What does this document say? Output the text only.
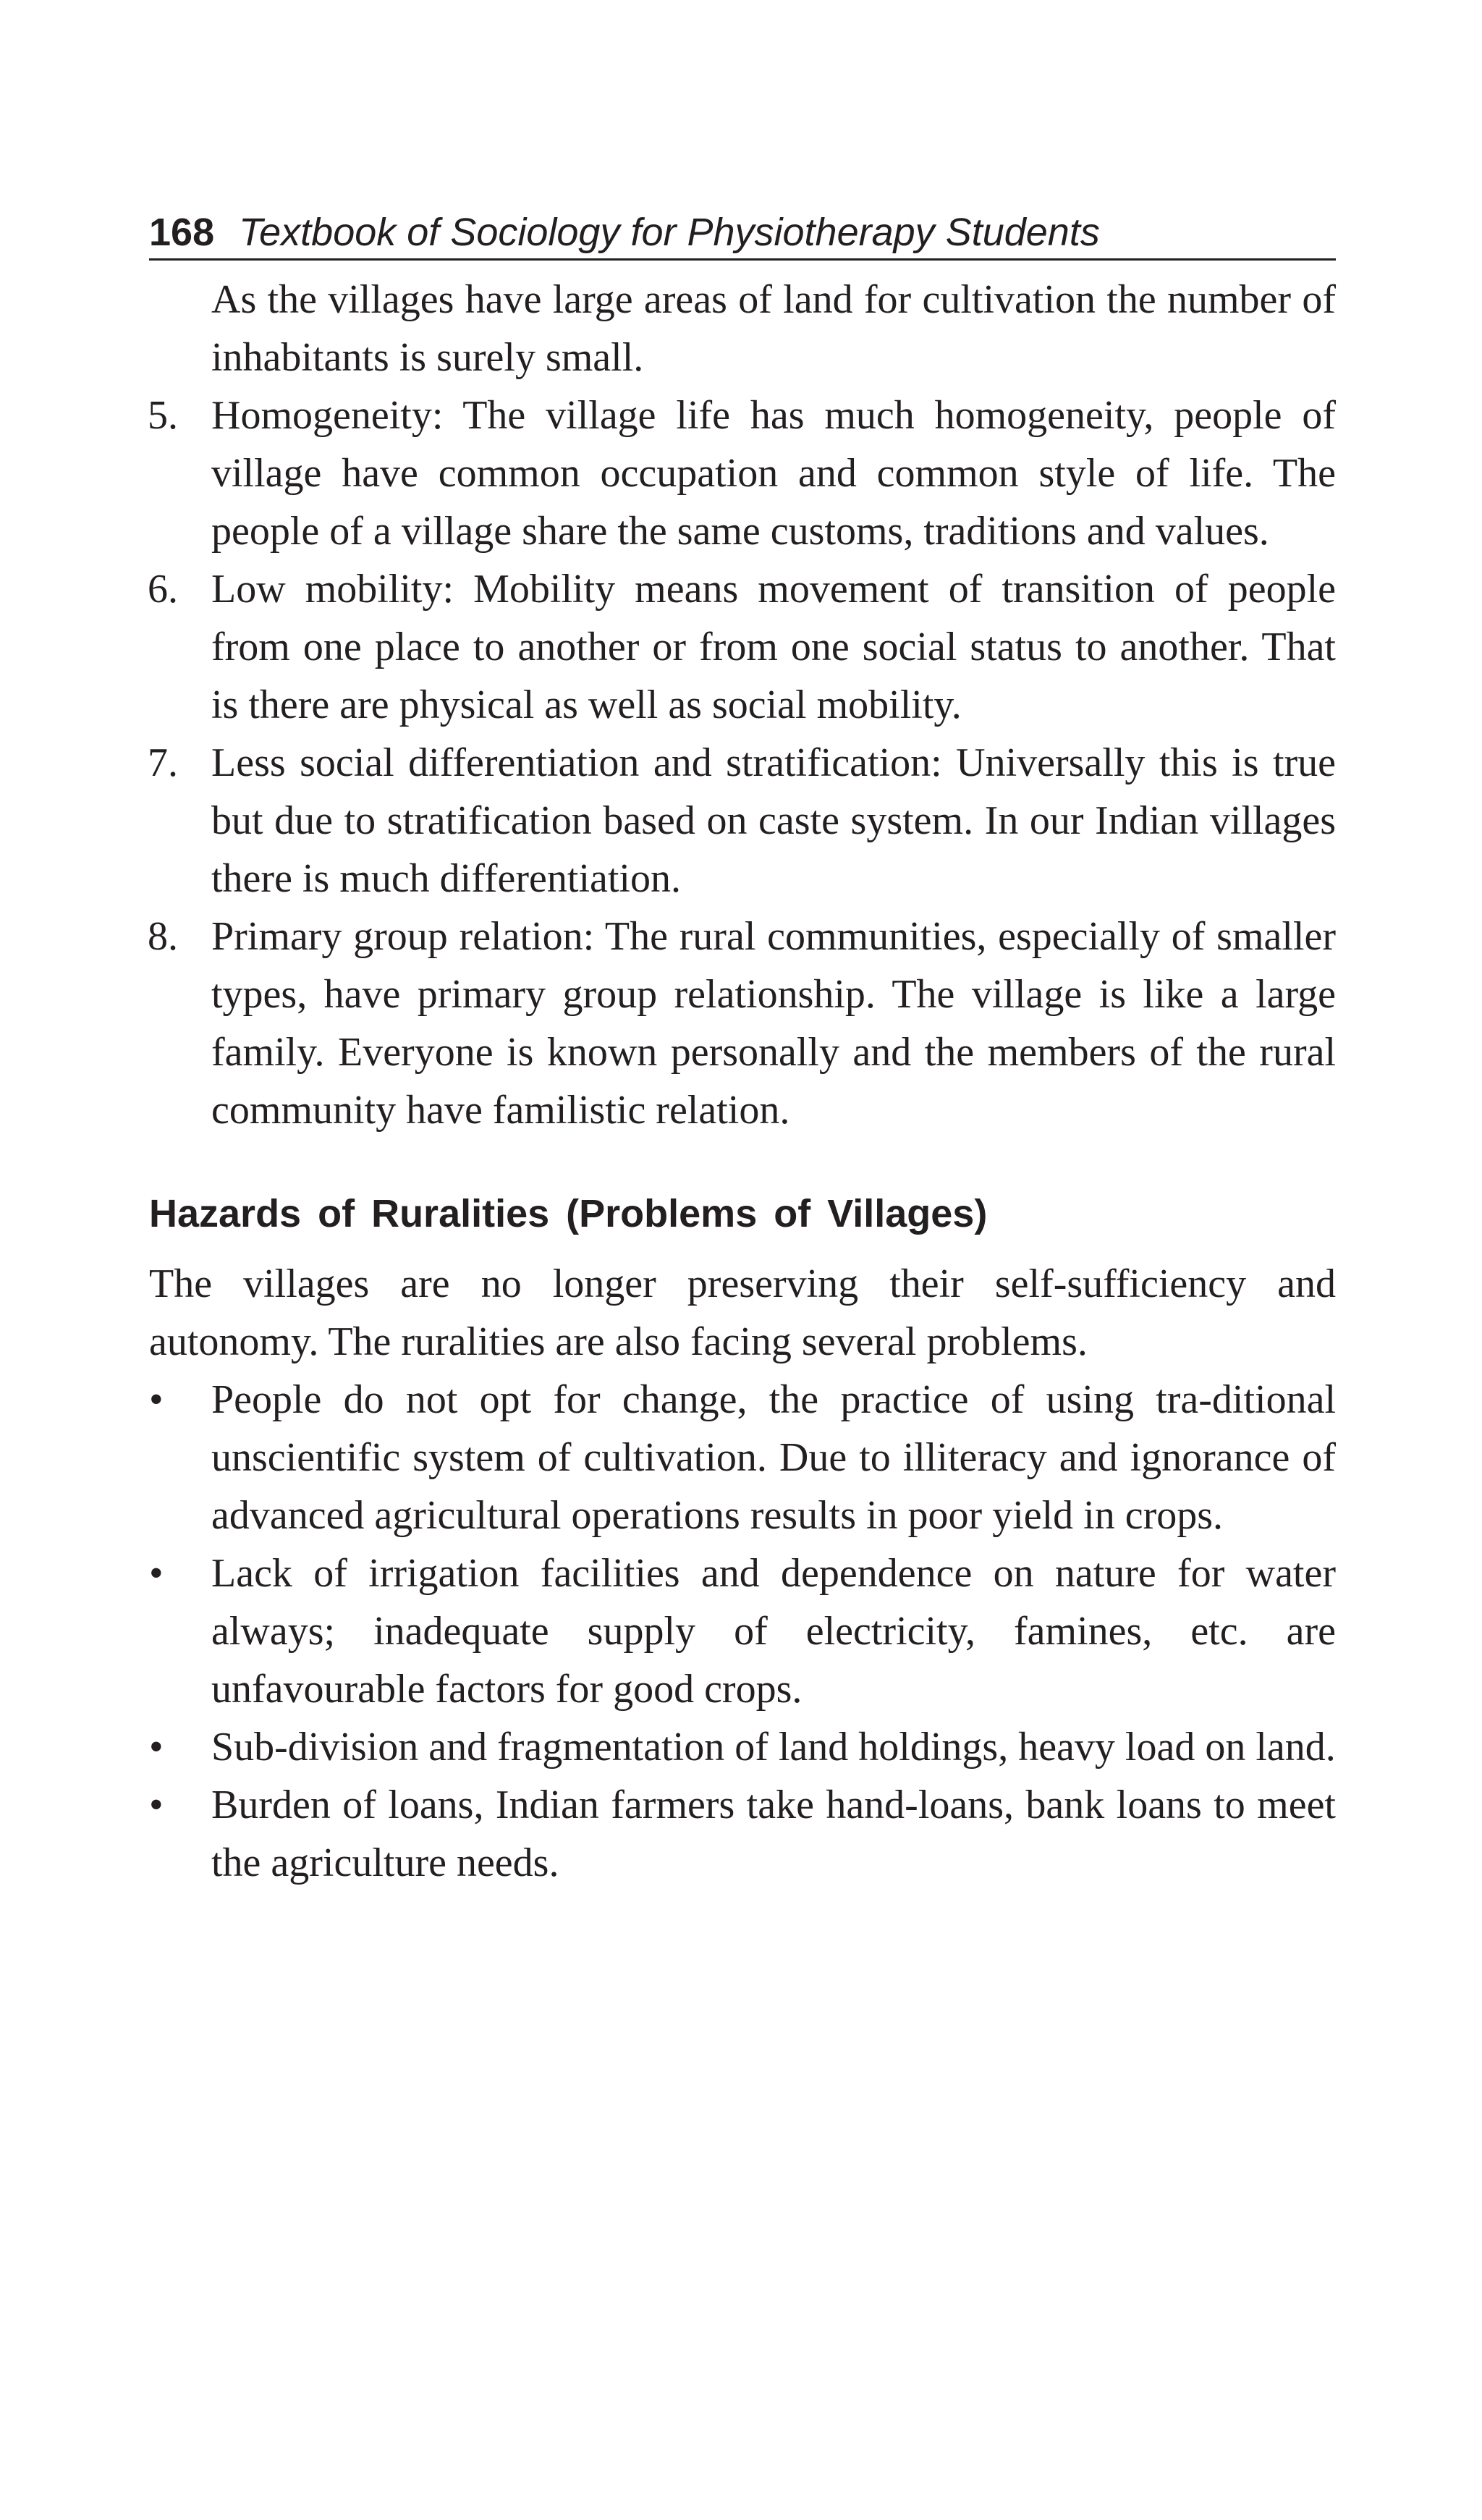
168 Textbook of Sociology for Physiotherapy Students

As the villages have large areas of land for cultivation the number of inhabitants is surely small.

5. Homogeneity: The village life has much homogeneity, people of village have common occupation and common style of life. The people of a village share the same customs, traditions and values.
6. Low mobility: Mobility means movement of transition of people from one place to another or from one social status to another. That is there are physical as well as social mobility.
7. Less social differentiation and stratification: Universally this is true but due to stratification based on caste system. In our Indian villages there is much differentiation.
8. Primary group relation: The rural communities, especially of smaller types, have primary group relationship. The village is like a large family. Everyone is known personally and the members of the rural community have familistic relation.
Hazards of Ruralities (Problems of Villages)

The villages are no longer preserving their self-sufficiency and autonomy. The ruralities are also facing several problems.

• People do not opt for change, the practice of using tra-ditional unscientific system of cultivation. Due to illiteracy and ignorance of advanced agricultural operations results in poor yield in crops.
• Lack of irrigation facilities and dependence on nature for water always; inadequate supply of electricity, famines, etc. are unfavourable factors for good crops.
• Sub-division and fragmentation of land holdings, heavy load on land.
• Burden of loans, Indian farmers take hand-loans, bank loans to meet the agriculture needs.
